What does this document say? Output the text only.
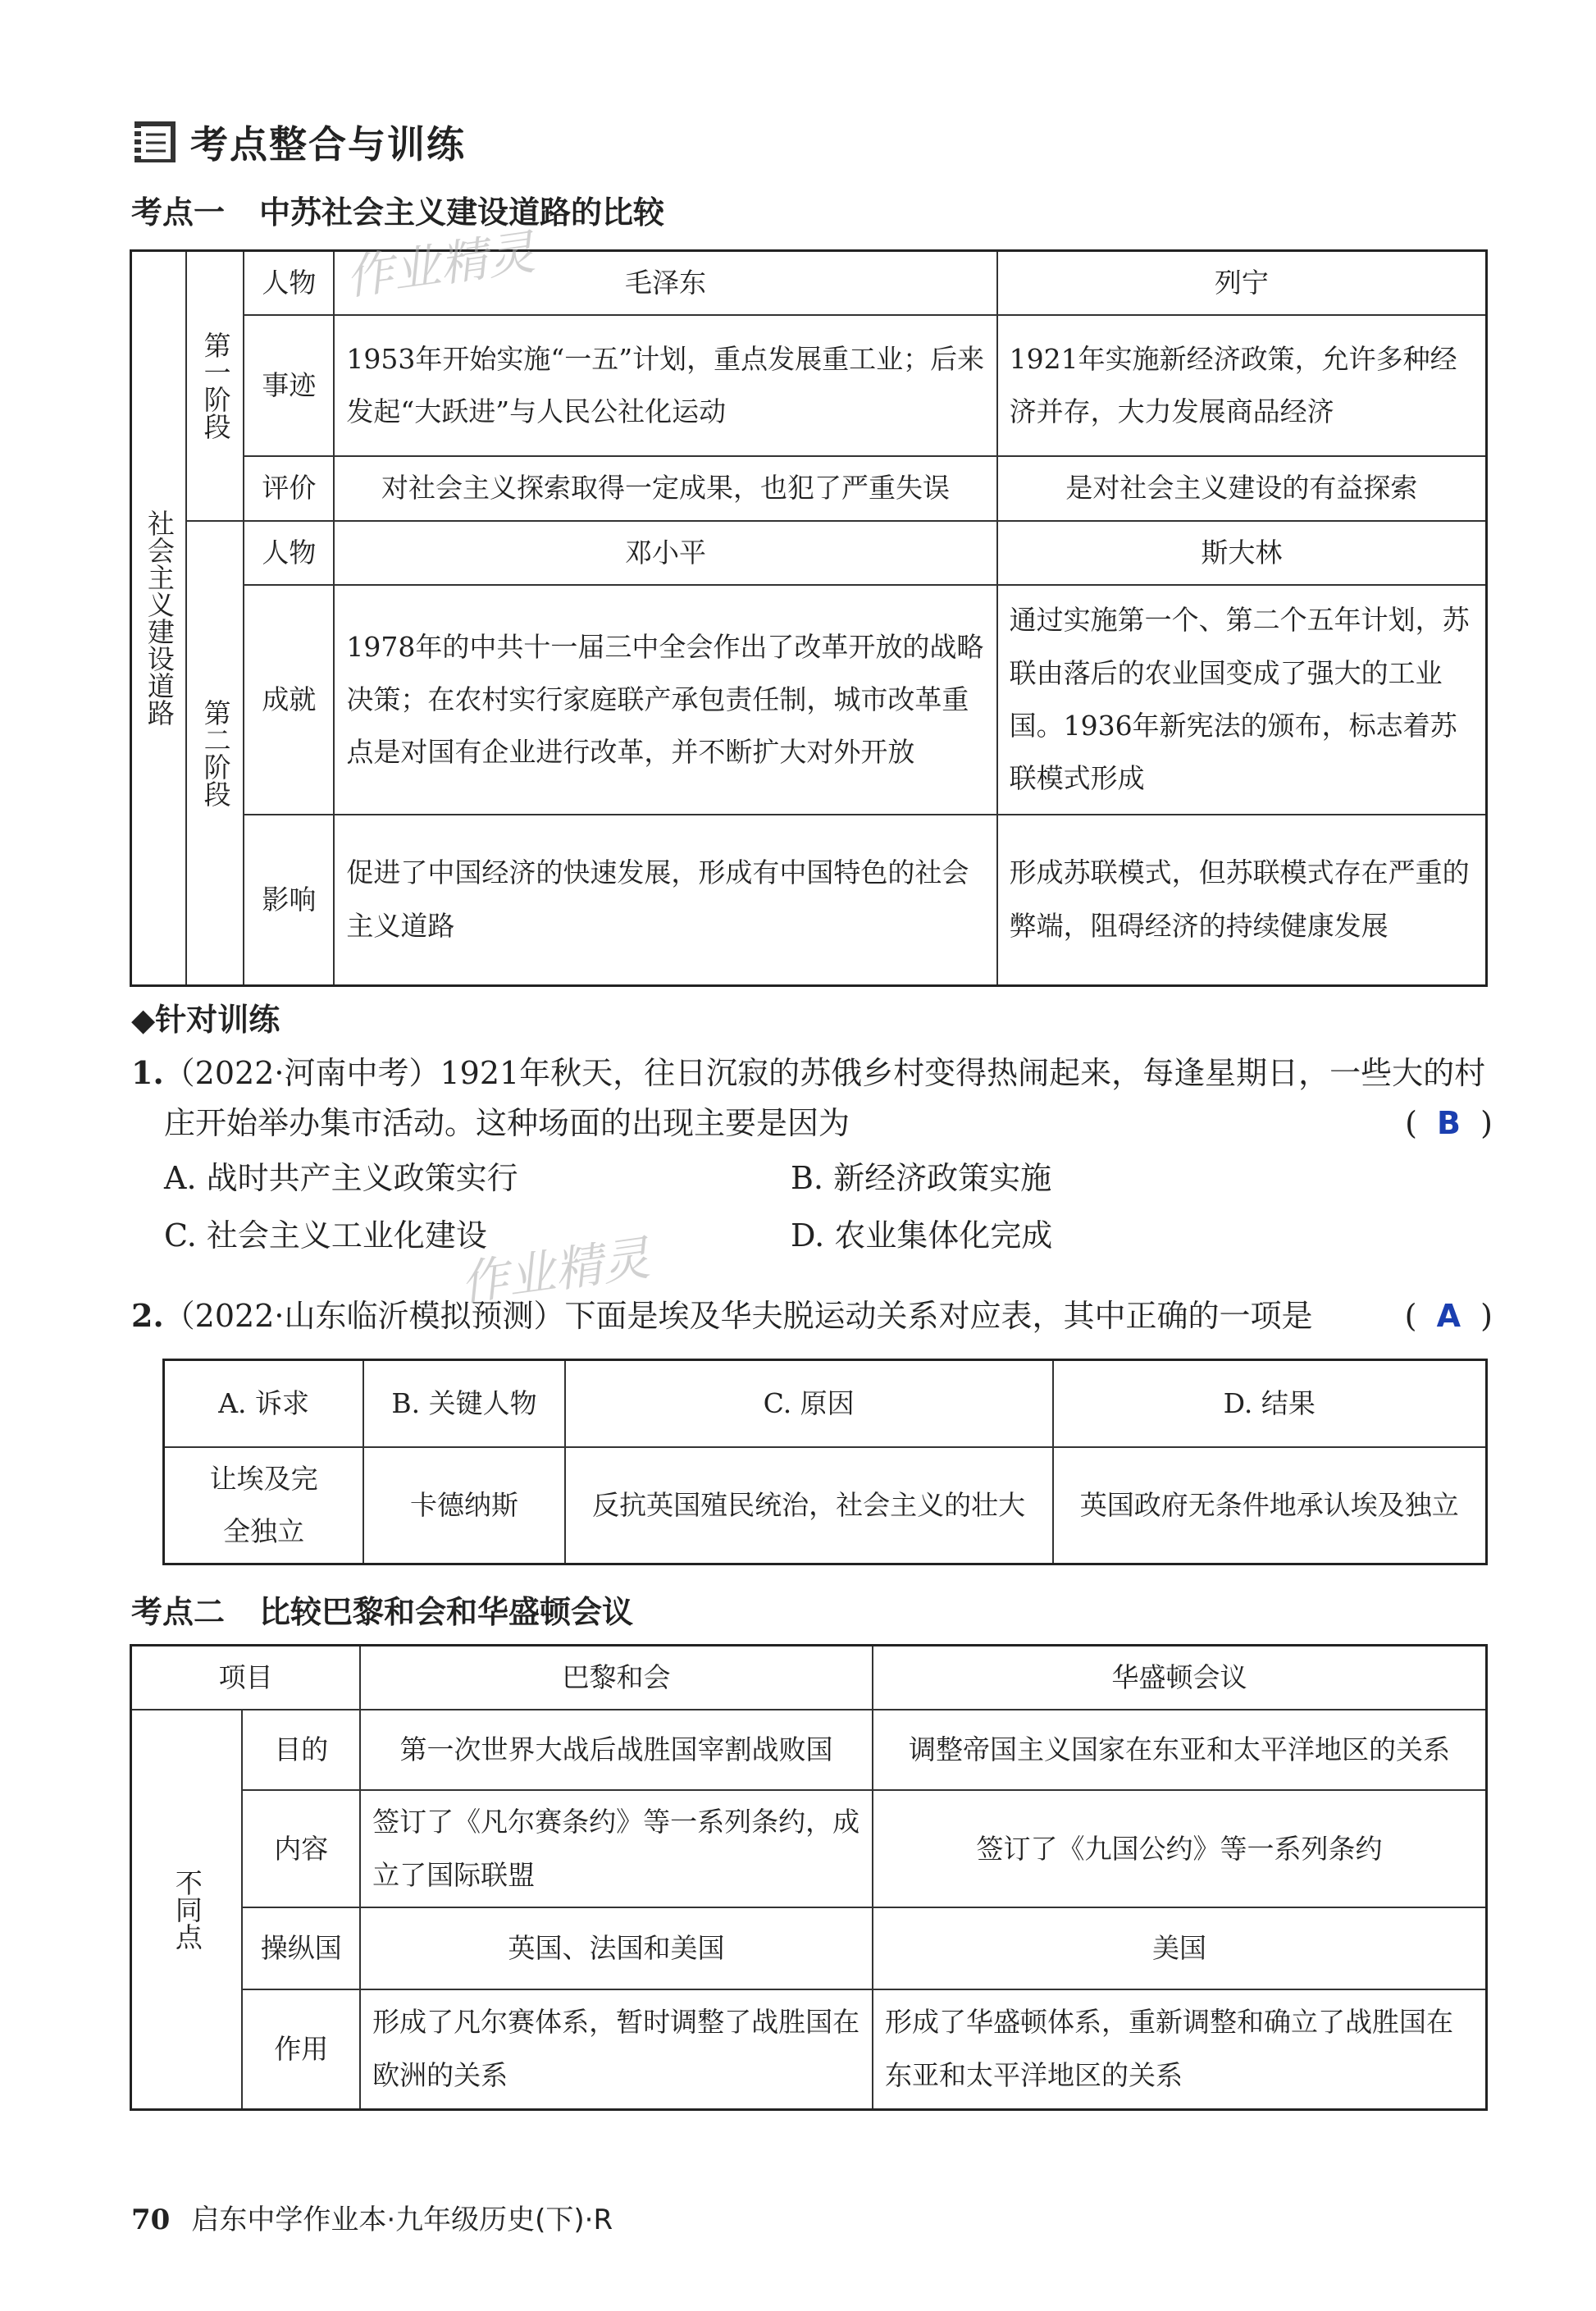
考点整合与训练
考点一 中苏社会主义建设道路的比较
社会主义建设道路	第一阶段	人物	毛泽东	列宁
		事迹	1953年开始实施“一五”计划，重点发展重工业；后来发起“大跃进”与人民公社化运动	1921年实施新经济政策，允许多种经济并存，大力发展商品经济
		评价	对社会主义探索取得一定成果，也犯了严重失误	是对社会主义建设的有益探索
	第二阶段	人物	邓小平	斯大林
		成就	1978年的中共十一届三中全会作出了改革开放的战略决策；在农村实行家庭联产承包责任制，城市改革重点是对国有企业进行改革，并不断扩大对外开放	通过实施第一个、第二个五年计划，苏联由落后的农业国变成了强大的工业国。1936年新宪法的颁布，标志着苏联模式形成
		影响	促进了中国经济的快速发展，形成有中国特色的社会主义道路	形成苏联模式，但苏联模式存在严重的弊端，阻碍经济的持续健康发展
作业精灵
◆针对训练
1.（2022·河南中考）1921年秋天，往日沉寂的苏俄乡村变得热闹起来，每逢星期日，一些大的村
庄开始举办集市活动。这种场面的出现主要是因为	(  B  )
A. 战时共产主义政策实行	B. 新经济政策实施
C. 社会主义工业化建设	D. 农业集体化完成
作业精灵
2.（2022·山东临沂模拟预测）下面是埃及华夫脱运动关系对应表，其中正确的一项是	(  A  )
A. 诉求	B. 关键人物	C. 原因	D. 结果
让埃及完全独立	卡德纳斯	反抗英国殖民统治，社会主义的壮大	英国政府无条件地承认埃及独立
考点二 比较巴黎和会和华盛顿会议
项目		巴黎和会	华盛顿会议
不同点	目的	第一次世界大战后战胜国宰割战败国	调整帝国主义国家在东亚和太平洋地区的关系
	内容	签订了《凡尔赛条约》等一系列条约，成立了国际联盟	签订了《九国公约》等一系列条约
	操纵国	英国、法国和美国	美国
	作用	形成了凡尔赛体系，暂时调整了战胜国在欧洲的关系	形成了华盛顿体系，重新调整和确立了战胜国在东亚和太平洋地区的关系
70 启东中学作业本·九年级历史(下)·R
